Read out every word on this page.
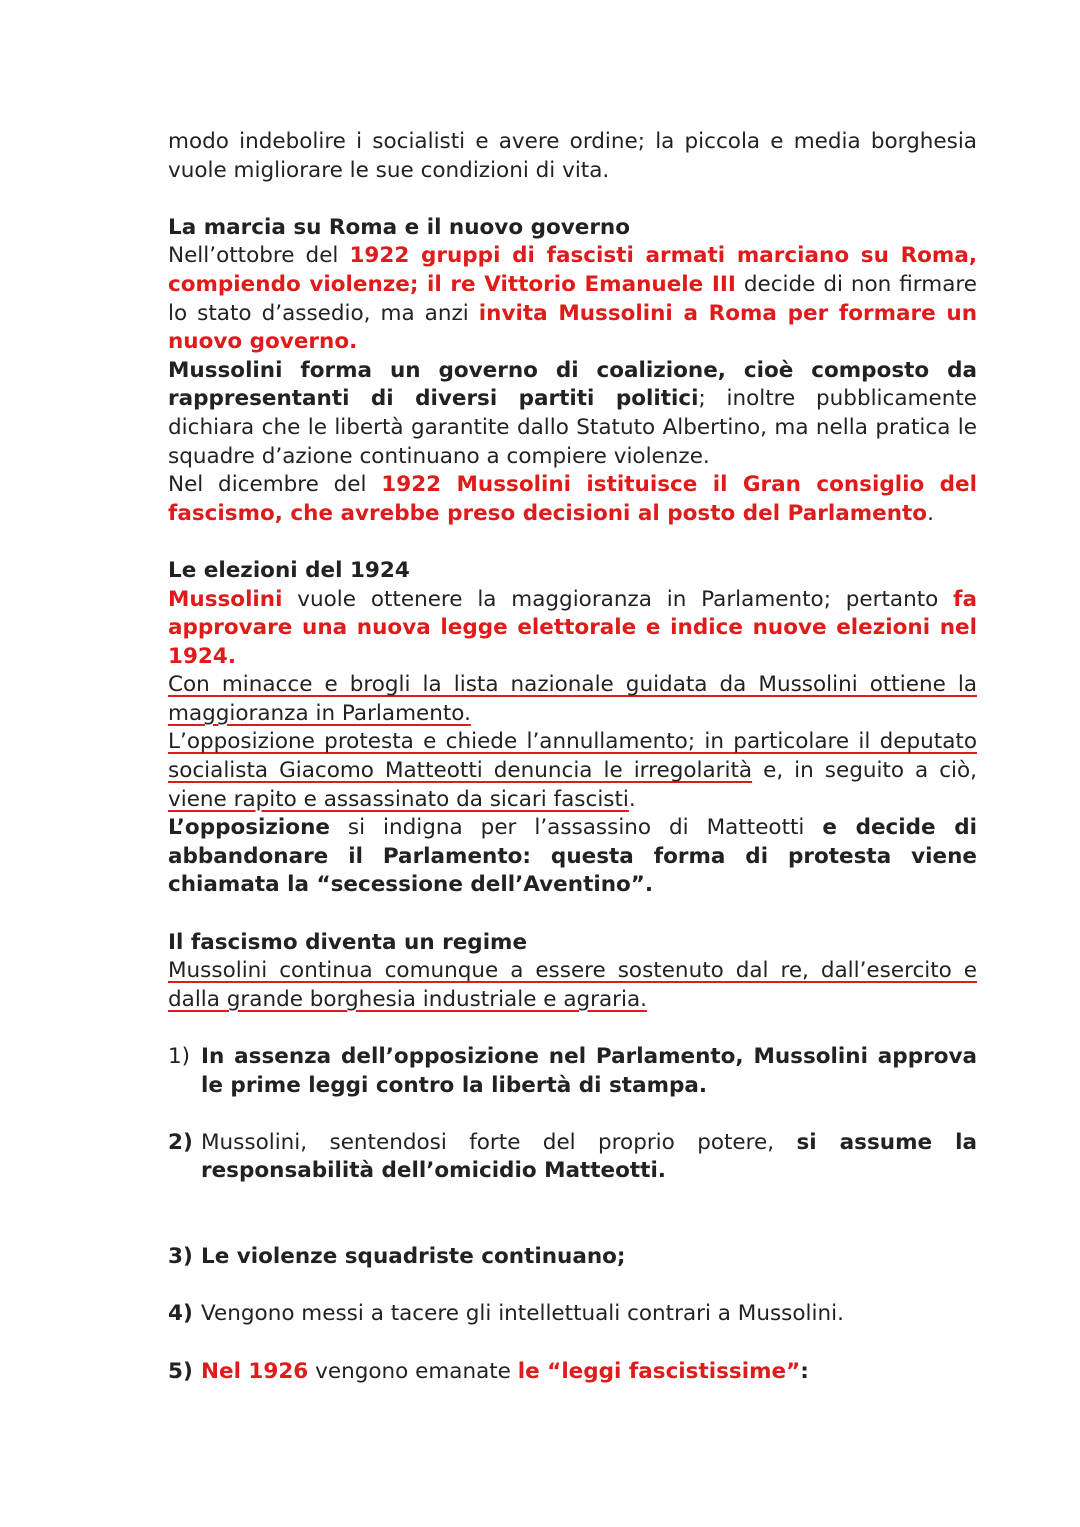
modo indebolire i socialisti e avere ordine; la piccola e media borghesia vuole migliorare le sue condizioni di vita.

La marcia su Roma e il nuovo governo

Nell’ottobre del 1922 gruppi di fascisti armati marciano su Roma, compiendo violenze; il re Vittorio Emanuele III decide di non firmare lo stato d’assedio, ma anzi invita Mussolini a Roma per formare un nuovo governo.

Mussolini forma un governo di coalizione, cioè composto da rappresentanti di diversi partiti politici; inoltre pubblicamente dichiara che le libertà garantite dallo Statuto Albertino, ma nella pratica le squadre d’azione continuano a compiere violenze.

Nel dicembre del 1922 Mussolini istituisce il Gran consiglio del fascismo, che avrebbe preso decisioni al posto del Parlamento.

Le elezioni del 1924

Mussolini vuole ottenere la maggioranza in Parlamento; pertanto fa approvare una nuova legge elettorale e indice nuove elezioni nel 1924.

Con minacce e brogli la lista nazionale guidata da Mussolini ottiene la maggioranza in Parlamento.

L’opposizione protesta e chiede l’annullamento; in particolare il deputato socialista Giacomo Matteotti denuncia le irregolarità e, in seguito a ciò, viene rapito e assassinato da sicari fascisti.

L’opposizione si indigna per l’assassino di Matteotti e decide di abbandonare il Parlamento: questa forma di protesta viene chiamata la “secessione dell’Aventino”.

Il fascismo diventa un regime

Mussolini continua comunque a essere sostenuto dal re, dall’esercito e dalla grande borghesia industriale e agraria.

1) In assenza dell’opposizione nel Parlamento, Mussolini approva le prime leggi contro la libertà di stampa.

2) Mussolini, sentendosi forte del proprio potere, si assume la responsabilità dell’omicidio Matteotti.

3) Le violenze squadriste continuano;

4) Vengono messi a tacere gli intellettuali contrari a Mussolini.

5) Nel 1926 vengono emanate le “leggi fascistissime”:
